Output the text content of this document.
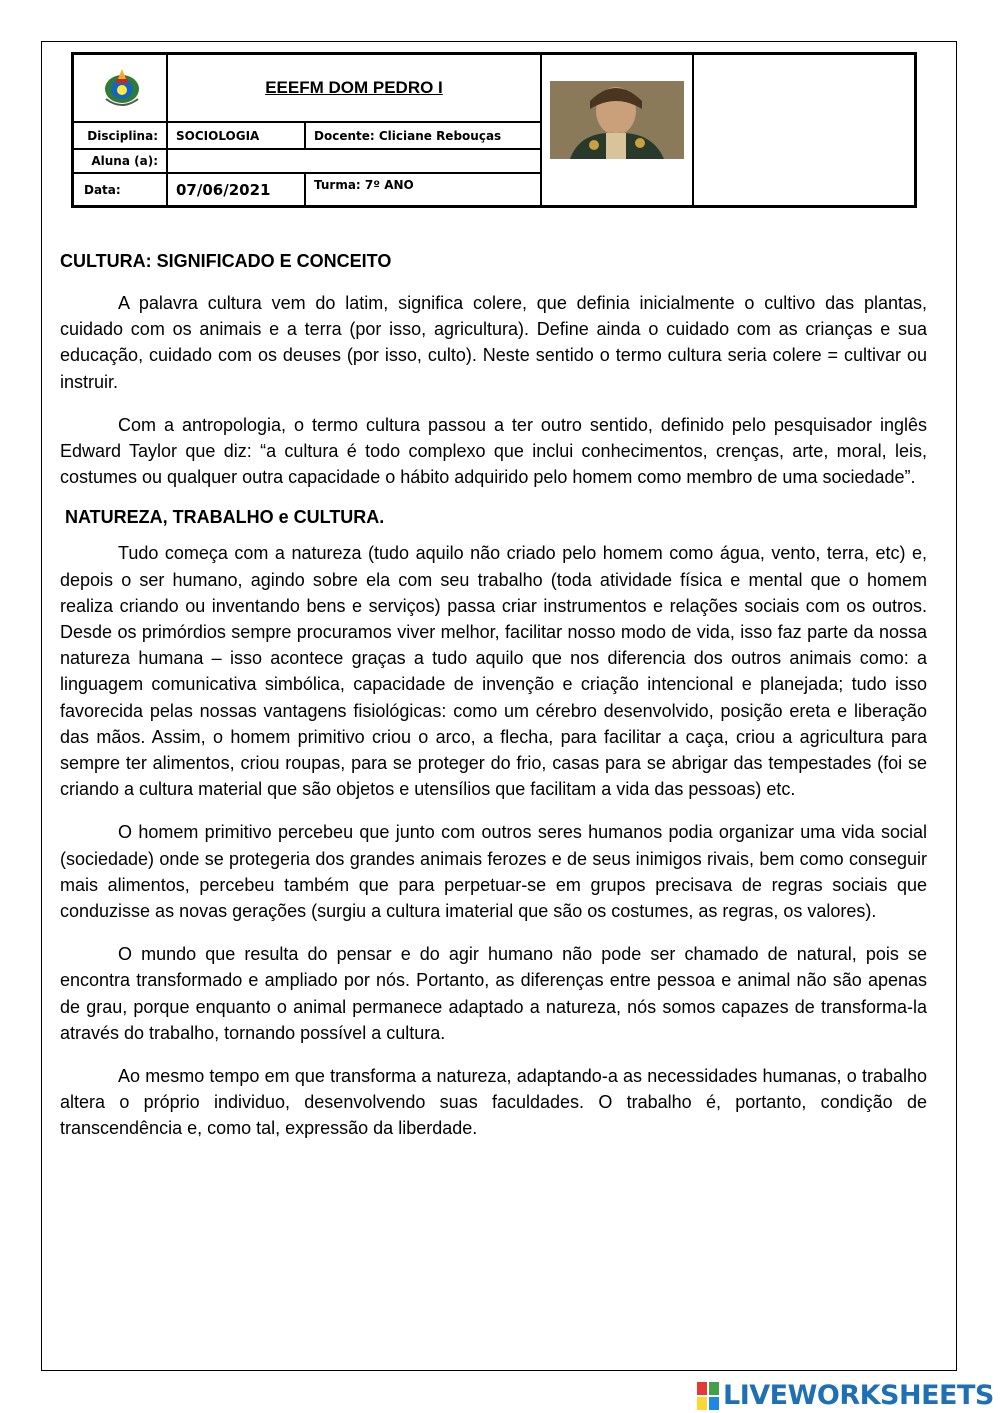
EEEFM DOM PEDRO I
Disciplina:	SOCIOLOGIA	Docente: Cliciane Rebouças
Aluna (a):
Data:	07/06/2021	Turma: 7º ANO
CULTURA: SIGNIFICADO E CONCEITO

A palavra cultura vem do latim, significa colere, que definia inicialmente o cultivo das plantas, cuidado com os animais e a terra (por isso, agricultura). Define ainda o cuidado com as crianças e sua educação, cuidado com os deuses (por isso, culto). Neste sentido o termo cultura seria colere = cultivar ou instruir.

Com a antropologia, o termo cultura passou a ter outro sentido, definido pelo pesquisador inglês Edward Taylor que diz: “a cultura é todo complexo que inclui conhecimentos, crenças, arte, moral, leis, costumes ou qualquer outra capacidade o hábito adquirido pelo homem como membro de uma sociedade”.

NATUREZA, TRABALHO e CULTURA.

Tudo começa com a natureza (tudo aquilo não criado pelo homem como água, vento, terra, etc) e, depois o ser humano, agindo sobre ela com seu trabalho (toda atividade física e mental que o homem realiza criando ou inventando bens e serviços) passa criar instrumentos e relações sociais com os outros. Desde os primórdios sempre procuramos viver melhor, facilitar nosso modo de vida, isso faz parte da nossa natureza humana – isso acontece graças a tudo aquilo que nos diferencia dos outros animais como: a linguagem comunicativa simbólica, capacidade de invenção e criação intencional e planejada; tudo isso favorecida pelas nossas vantagens fisiológicas: como um cérebro desenvolvido, posição ereta e liberação das mãos. Assim, o homem primitivo criou o arco, a flecha, para facilitar a caça, criou a agricultura para sempre ter alimentos, criou roupas, para se proteger do frio, casas para se abrigar das tempestades (foi se criando a cultura material que são objetos e utensílios que facilitam a vida das pessoas) etc.

O homem primitivo percebeu que junto com outros seres humanos podia organizar uma vida social (sociedade) onde se protegeria dos grandes animais ferozes e de seus inimigos rivais, bem como conseguir mais alimentos, percebeu também que para perpetuar-se em grupos precisava de regras sociais que conduzisse as novas gerações (surgiu a cultura imaterial que são os costumes, as regras, os valores).

O mundo que resulta do pensar e do agir humano não pode ser chamado de natural, pois se encontra transformado e ampliado por nós. Portanto, as diferenças entre pessoa e animal não são apenas de grau, porque enquanto o animal permanece adaptado a natureza, nós somos capazes de transforma-la através do trabalho, tornando possível a cultura.

Ao mesmo tempo em que transforma a natureza, adaptando-a as necessidades humanas, o trabalho altera o próprio individuo, desenvolvendo suas faculdades. O trabalho é, portanto, condição de transcendência e, como tal, expressão da liberdade.

LIVEWORKSHEETS
